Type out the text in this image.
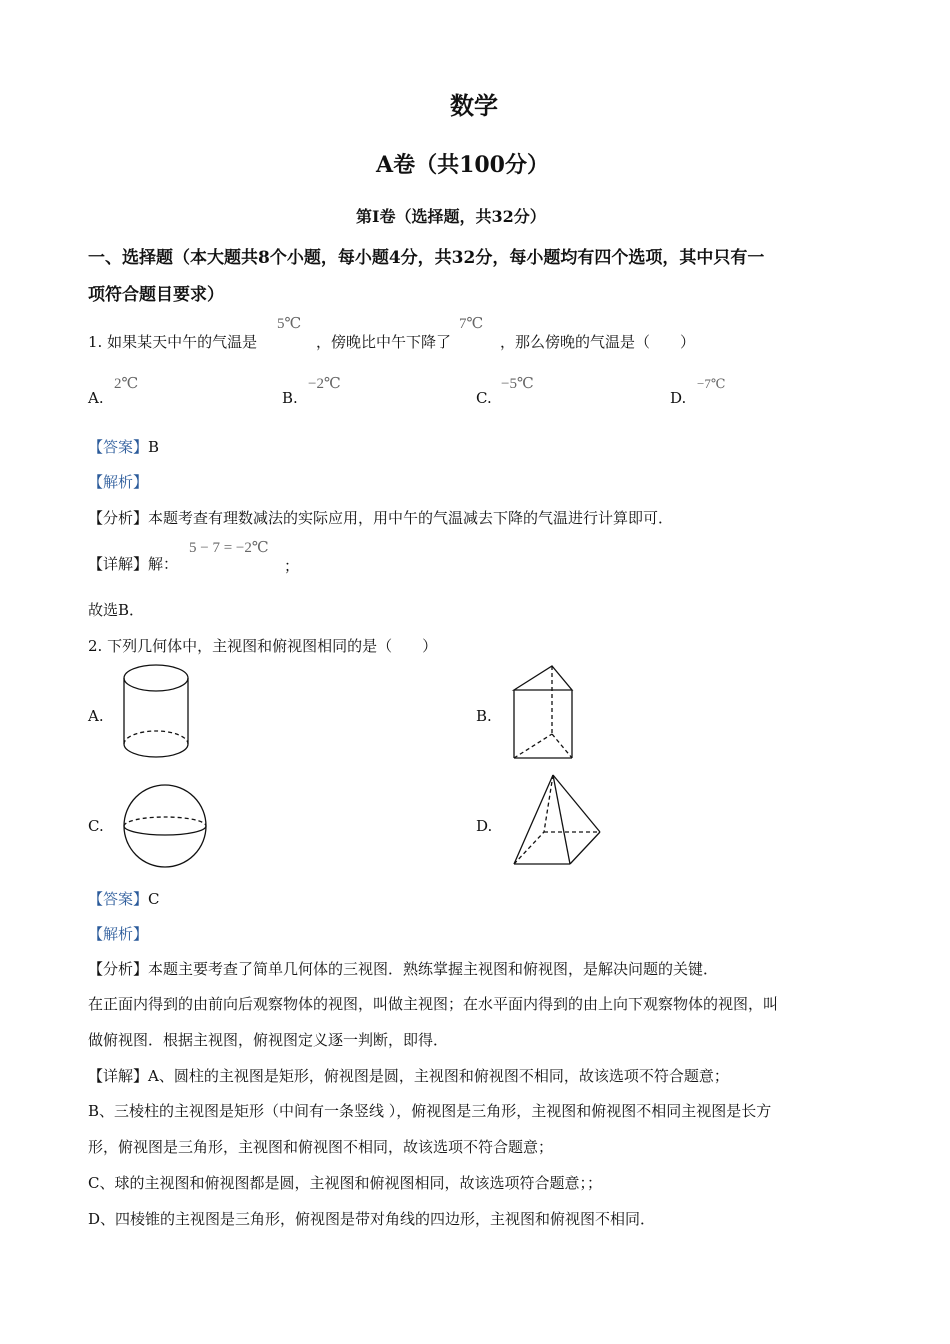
数学
A卷（共100分）
第Ⅰ卷（选择题，共32分）
一、选择题（本大题共8个小题，每小题4分，共32分，每小题均有四个选项，其中只有一
项符合题目要求）
1. 如果某天中午的气温是
5℃
，傍晚比中午下降了
7℃
，那么傍晚的气温是（　　）
A.
2℃
B.
−2℃
C.
−5℃
D.
−7℃
【答案】B
【解析】
【分析】本题考查有理数减法的实际应用，用中午的气温减去下降的气温进行计算即可．
【详解】解：
5 − 7 = −2℃
；
故选B．
2. 下列几何体中，主视图和俯视图相同的是（　　）
A.	B.
C.	D.
【答案】C
【解析】
【分析】本题主要考查了简单几何体的三视图．熟练掌握主视图和俯视图，是解决问题的关键．
在正面内得到的由前向后观察物体的视图，叫做主视图；在水平面内得到的由上向下观察物体的视图，叫
做俯视图．根据主视图，俯视图定义逐一判断，即得．
【详解】A、圆柱的主视图是矩形，俯视图是圆，主视图和俯视图不相同，故该选项不符合题意；
B、三棱柱的主视图是矩形（中间有一条竖线 ），俯视图是三角形，主视图和俯视图不相同主视图是长方
形，俯视图是三角形，主视图和俯视图不相同，故该选项不符合题意；
C、球的主视图和俯视图都是圆，主视图和俯视图相同，故该选项符合题意；；
D、四棱锥的主视图是三角形，俯视图是带对角线的四边形，主视图和俯视图不相同．
